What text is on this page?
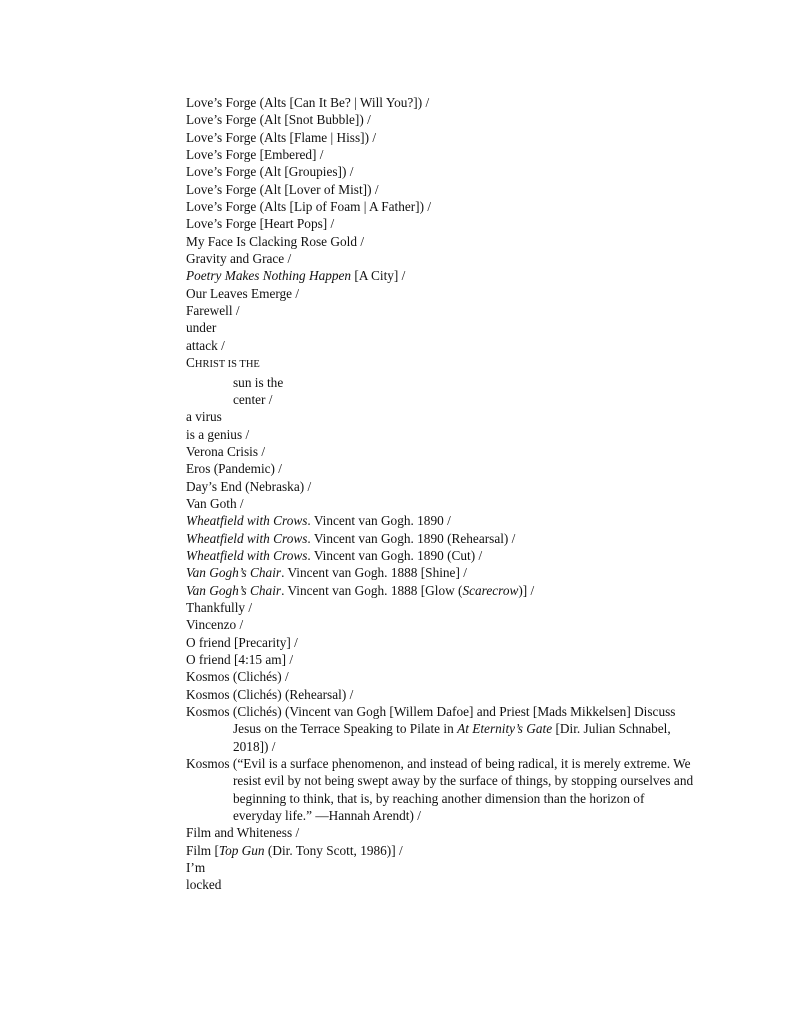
Love’s Forge (Alts [Can It Be? | Will You?]) /

Love’s Forge (Alt [Snot Bubble]) /

Love’s Forge (Alts [Flame | Hiss]) /

Love’s Forge [Embered] /

Love’s Forge (Alt [Groupies]) /

Love’s Forge (Alt [Lover of Mist]) /

Love’s Forge (Alts [Lip of Foam | A Father]) /

Love’s Forge [Heart Pops] /

My Face Is Clacking Rose Gold /

Gravity and Grace /

Poetry Makes Nothing Happen [A City] /

Our Leaves Emerge /

Farewell /

under

attack /

CHRIST IS THE

sun is the

center /

a virus

is a genius /

Verona Crisis /

Eros (Pandemic) /

Day’s End (Nebraska) /

Van Goth /

Wheatfield with Crows. Vincent van Gogh. 1890 /

Wheatfield with Crows. Vincent van Gogh. 1890 (Rehearsal) /

Wheatfield with Crows. Vincent van Gogh. 1890 (Cut) /

Van Gogh’s Chair. Vincent van Gogh. 1888 [Shine] /

Van Gogh’s Chair. Vincent van Gogh. 1888 [Glow (Scarecrow)] /

Thankfully /

Vincenzo /

O friend [Precarity] /

O friend [4:15 am] /

Kosmos (Clichés) /

Kosmos (Clichés) (Rehearsal) /

Kosmos (Clichés) (Vincent van Gogh [Willem Dafoe] and Priest [Mads Mikkelsen] Discuss Jesus on the Terrace Speaking to Pilate in At Eternity’s Gate [Dir. Julian Schnabel, 2018]) /

Kosmos (“Evil is a surface phenomenon, and instead of being radical, it is merely extreme. We resist evil by not being swept away by the surface of things, by stopping ourselves and beginning to think, that is, by reaching another dimension than the horizon of everyday life.” —Hannah Arendt) /

Film and Whiteness /

Film [Top Gun (Dir. Tony Scott, 1986)] /

I’m

locked
